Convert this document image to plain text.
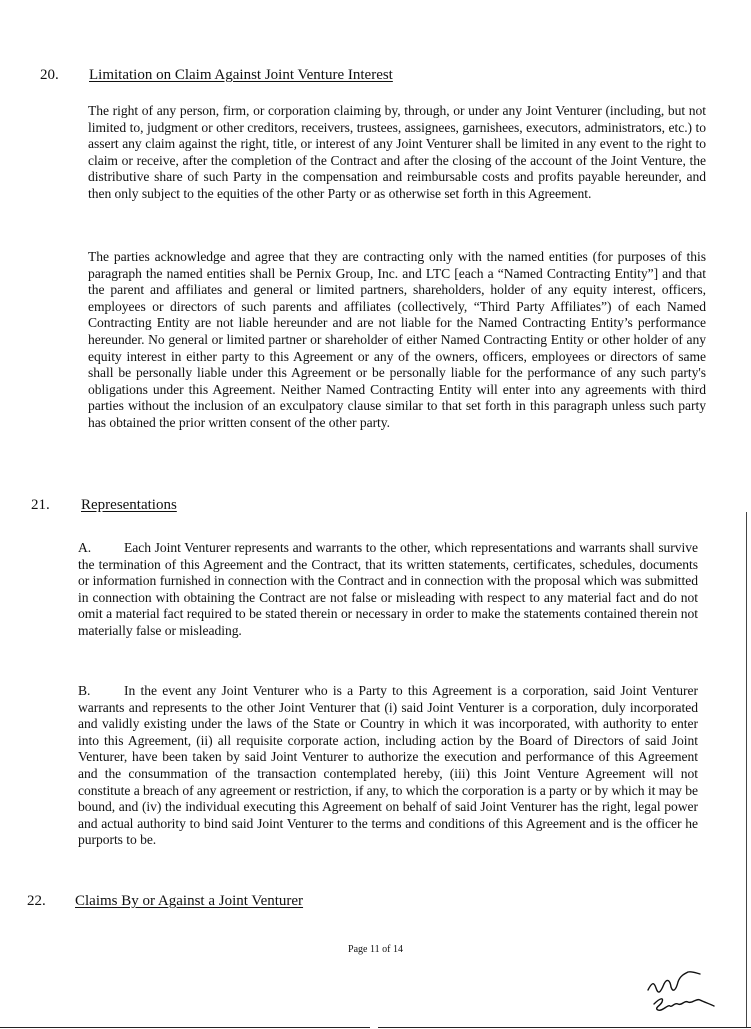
20. Limitation on Claim Against Joint Venture Interest
The right of any person, firm, or corporation claiming by, through, or under any Joint Venturer (including, but not limited to, judgment or other creditors, receivers, trustees, assignees, garnishees, executors, administrators, etc.) to assert any claim against the right, title, or interest of any Joint Venturer shall be limited in any event to the right to claim or receive, after the completion of the Contract and after the closing of the account of the Joint Venture, the distributive share of such Party in the compensation and reimbursable costs and profits payable hereunder, and then only subject to the equities of the other Party or as otherwise set forth in this Agreement.
The parties acknowledge and agree that they are contracting only with the named entities (for purposes of this paragraph the named entities shall be Pernix Group, Inc. and LTC [each a “Named Contracting Entity”] and that the parent and affiliates and general or limited partners, shareholders, holder of any equity interest, officers, employees or directors of such parents and affiliates (collectively, “Third Party Affiliates”) of each Named Contracting Entity are not liable hereunder and are not liable for the Named Contracting Entity’s performance hereunder. No general or limited partner or shareholder of either Named Contracting Entity or other holder of any equity interest in either party to this Agreement or any of the owners, officers, employees or directors of same shall be personally liable under this Agreement or be personally liable for the performance of any such party's obligations under this Agreement. Neither Named Contracting Entity will enter into any agreements with third parties without the inclusion of an exculpatory clause similar to that set forth in this paragraph unless such party has obtained the prior written consent of the other party.
21. Representations
A. Each Joint Venturer represents and warrants to the other, which representations and warrants shall survive the termination of this Agreement and the Contract, that its written statements, certificates, schedules, documents or information furnished in connection with the Contract and in connection with the proposal which was submitted in connection with obtaining the Contract are not false or misleading with respect to any material fact and do not omit a material fact required to be stated therein or necessary in order to make the statements contained therein not materially false or misleading.
B. In the event any Joint Venturer who is a Party to this Agreement is a corporation, said Joint Venturer warrants and represents to the other Joint Venturer that (i) said Joint Venturer is a corporation, duly incorporated and validly existing under the laws of the State or Country in which it was incorporated, with authority to enter into this Agreement, (ii) all requisite corporate action, including action by the Board of Directors of said Joint Venturer, have been taken by said Joint Venturer to authorize the execution and performance of this Agreement and the consummation of the transaction contemplated hereby, (iii) this Joint Venture Agreement will not constitute a breach of any agreement or restriction, if any, to which the corporation is a party or by which it may be bound, and (iv) the individual executing this Agreement on behalf of said Joint Venturer has the right, legal power and actual authority to bind said Joint Venturer to the terms and conditions of this Agreement and is the officer he purports to be.
22. Claims By or Against a Joint Venturer
Page 11 of 14
